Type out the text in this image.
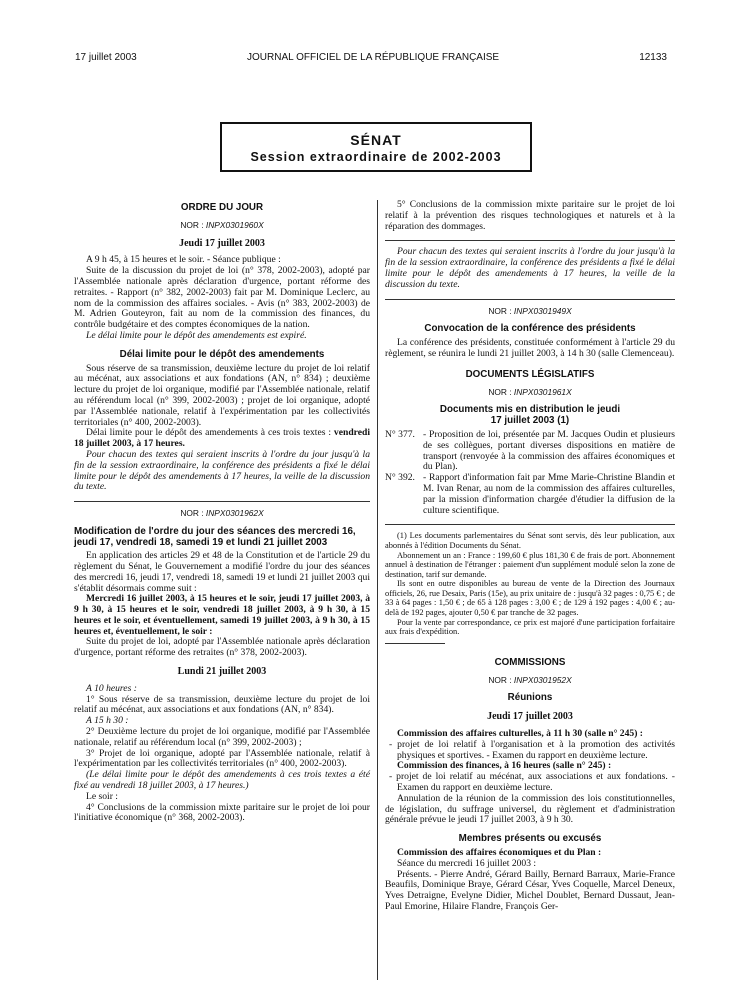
17 juillet 2003	JOURNAL OFFICIEL DE LA RÉPUBLIQUE FRANÇAISE	12133
SÉNAT
Session extraordinaire de 2002-2003
ORDRE DU JOUR
NOR : INPX0301960X
Jeudi 17 juillet 2003

A 9 h 45, à 15 heures et le soir. - Séance publique :

Suite de la discussion du projet de loi (n° 378, 2002-2003), adopté par l'Assemblée nationale après déclaration d'urgence, portant réforme des retraites. - Rapport (n° 382, 2002-2003) fait par M. Dominique Leclerc, au nom de la commission des affaires sociales. - Avis (n° 383, 2002-2003) de M. Adrien Gouteyron, fait au nom de la commission des finances, du contrôle budgétaire et des comptes économiques de la nation.

Le délai limite pour le dépôt des amendements est expiré.

Délai limite pour le dépôt des amendements

Sous réserve de sa transmission, deuxième lecture du projet de loi relatif au mécénat, aux associations et aux fondations (AN, n° 834) ; deuxième lecture du projet de loi organique, modifié par l'Assemblée nationale, relatif au référendum local (n° 399, 2002-2003) ; projet de loi organique, adopté par l'Assemblée nationale, relatif à l'expérimentation par les collectivités territoriales (n° 400, 2002-2003).

Délai limite pour le dépôt des amendements à ces trois textes : vendredi 18 juillet 2003, à 17 heures.

Pour chacun des textes qui seraient inscrits à l'ordre du jour jusqu'à la fin de la session extraordinaire, la conférence des présidents a fixé le délai limite pour le dépôt des amendements à 17 heures, la veille de la discussion du texte.

NOR : INPX0301962X
Modification de l'ordre du jour des séances des mercredi 16, jeudi 17, vendredi 18, samedi 19 et lundi 21 juillet 2003

En application des articles 29 et 48 de la Constitution et de l'article 29 du règlement du Sénat, le Gouvernement a modifié l'ordre du jour des séances des mercredi 16, jeudi 17, vendredi 18, samedi 19 et lundi 21 juillet 2003 qui s'établit désormais comme suit :

Mercredi 16 juillet 2003, à 15 heures et le soir, jeudi 17 juillet 2003, à 9 h 30, à 15 heures et le soir, vendredi 18 juillet 2003, à 9 h 30, à 15 heures et le soir, et éventuellement, samedi 19 juillet 2003, à 9 h 30, à 15 heures et, éventuellement, le soir :

Suite du projet de loi, adopté par l'Assemblée nationale après déclaration d'urgence, portant réforme des retraites (n° 378, 2002-2003).

Lundi 21 juillet 2003

A 10 heures :

1° Sous réserve de sa transmission, deuxième lecture du projet de loi relatif au mécénat, aux associations et aux fondations (AN, n° 834).

A 15 h 30 :

2° Deuxième lecture du projet de loi organique, modifié par l'Assemblée nationale, relatif au référendum local (n° 399, 2002-2003) ;

3° Projet de loi organique, adopté par l'Assemblée nationale, relatif à l'expérimentation par les collectivités territoriales (n° 400, 2002-2003).

(Le délai limite pour le dépôt des amendements à ces trois textes a été fixé au vendredi 18 juillet 2003, à 17 heures.)

Le soir :

4° Conclusions de la commission mixte paritaire sur le projet de loi pour l'initiative économique (n° 368, 2002-2003).

5° Conclusions de la commission mixte paritaire sur le projet de loi relatif à la prévention des risques technologiques et naturels et à la réparation des dommages.

Pour chacun des textes qui seraient inscrits à l'ordre du jour jusqu'à la fin de la session extraordinaire, la conférence des présidents a fixé le délai limite pour le dépôt des amendements à 17 heures, la veille de la discussion du texte.

NOR : INPX0301949X
Convocation de la conférence des présidents

La conférence des présidents, constituée conformément à l'article 29 du règlement, se réunira le lundi 21 juillet 2003, à 14 h 30 (salle Clemenceau).

DOCUMENTS LÉGISLATIFS
NOR : INPX0301961X
Documents mis en distribution le jeudi 17 juillet 2003 (1)
N° 377. - Proposition de loi, présentée par M. Jacques Oudin et plusieurs de ses collègues, portant diverses dispositions en matière de transport (renvoyée à la commission des affaires économiques et du Plan).
N° 392. - Rapport d'information fait par Mme Marie-Christine Blandin et M. Ivan Renar, au nom de la commission des affaires culturelles, par la mission d'information chargée d'étudier la diffusion de la culture scientifique.

(1) Les documents parlementaires du Sénat sont servis, dès leur publication, aux abonnés à l'édition Documents du Sénat.

Abonnement un an : France : 199,60 € plus 181,30 € de frais de port. Abonnement annuel à destination de l'étranger : paiement d'un supplément modulé selon la zone de destination, tarif sur demande.

Ils sont en outre disponibles au bureau de vente de la Direction des Journaux officiels, 26, rue Desaix, Paris (15e), au prix unitaire de : jusqu'à 32 pages : 0,75 € ; de 33 à 64 pages : 1,50 € ; de 65 à 128 pages : 3,00 € ; de 129 à 192 pages : 4,00 € ; au-delà de 192 pages, ajouter 0,50 € par tranche de 32 pages.

Pour la vente par correspondance, ce prix est majoré d'une participation forfaitaire aux frais d'expédition.

COMMISSIONS
NOR : INPX0301952X
Réunions
Jeudi 17 juillet 2003

Commission des affaires culturelles, à 11 h 30 (salle n° 245) :

- projet de loi relatif à l'organisation et à la promotion des activités physiques et sportives. - Examen du rapport en deuxième lecture.

Commission des finances, à 16 heures (salle n° 245) :

- projet de loi relatif au mécénat, aux associations et aux fondations. - Examen du rapport en deuxième lecture.

Annulation de la réunion de la commission des lois constitutionnelles, de législation, du suffrage universel, du règlement et d'administration générale prévue le jeudi 17 juillet 2003, à 9 h 30.

Membres présents ou excusés

Commission des affaires économiques et du Plan :

Séance du mercredi 16 juillet 2003 :

Présents. - Pierre André, Gérard Bailly, Bernard Barraux, Marie-France Beaufils, Dominique Braye, Gérard César, Yves Coquelle, Marcel Deneux, Yves Detraigne, Evelyne Didier, Michel Doublet, Bernard Dussaut, Jean-Paul Emorine, Hilaire Flandre, François Ger-
